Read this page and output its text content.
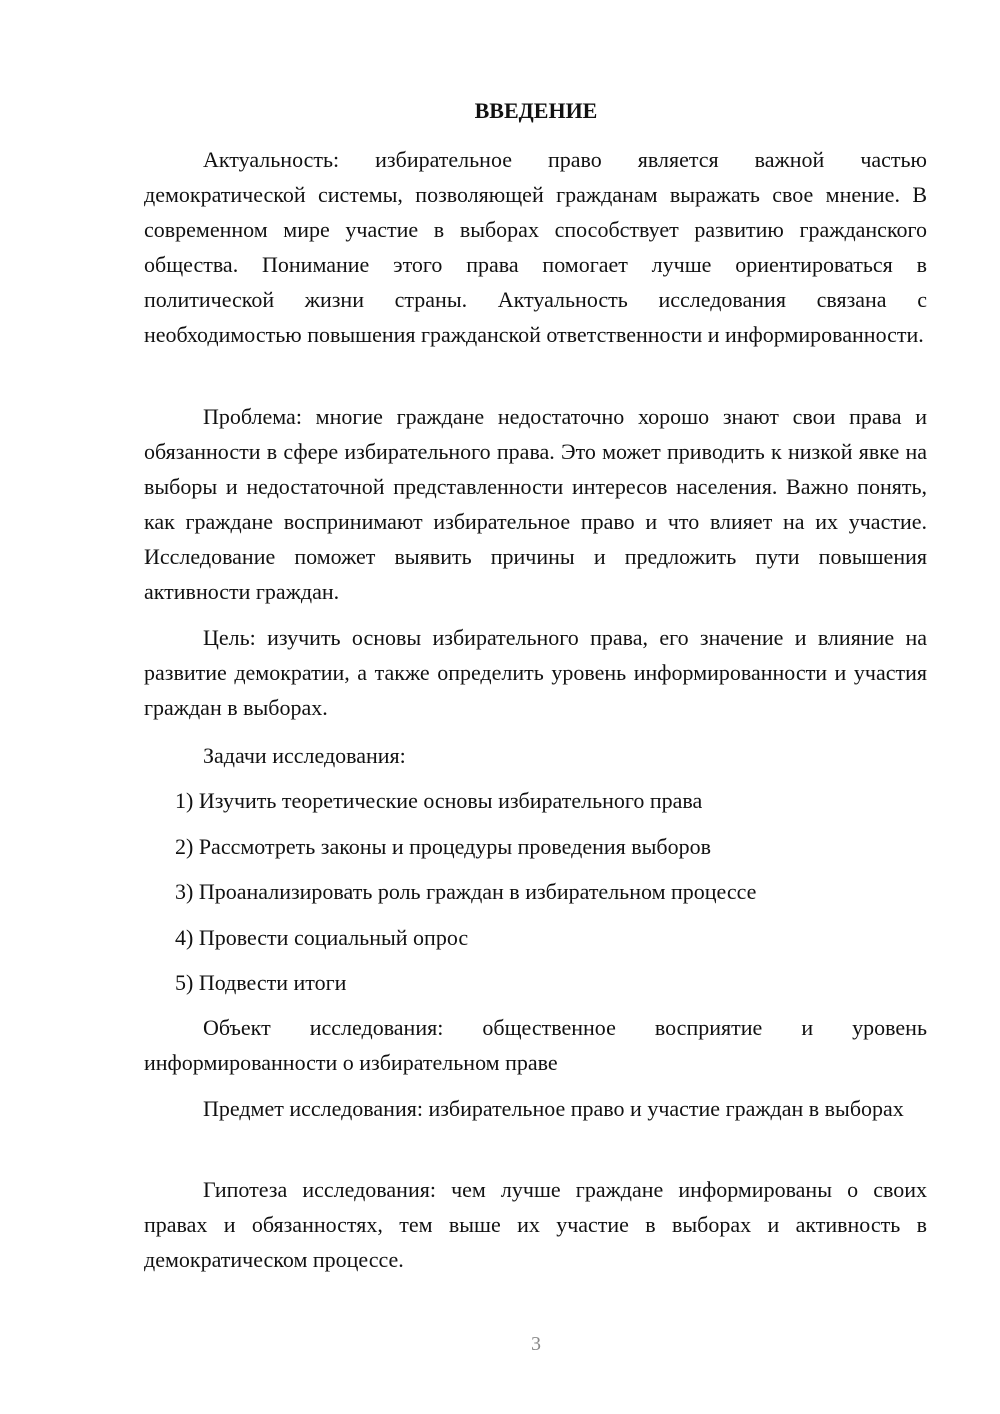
ВВЕДЕНИЕ

Актуальность: избирательное право является важной частью демократической системы, позволяющей гражданам выражать свое мнение. В современном мире участие в выборах способствует развитию гражданского общества. Понимание этого права помогает лучше ориентироваться в политической жизни страны. Актуальность исследования связана с необходимостью повышения гражданской ответственности и информированности.

Проблема: многие граждане недостаточно хорошо знают свои права и обязанности в сфере избирательного права. Это может приводить к низкой явке на выборы и недостаточной представленности интересов населения. Важно понять, как граждане воспринимают избирательное право и что влияет на их участие. Исследование поможет выявить причины и предложить пути повышения активности граждан.

Цель: изучить основы избирательного права, его значение и влияние на развитие демократии, а также определить уровень информированности и участия граждан в выборах.

Задачи исследования:

1) Изучить теоретические основы избирательного права
2) Рассмотреть законы и процедуры проведения выборов
3) Проанализировать роль граждан в избирательном процессе
4) Провести социальный опрос
5) Подвести итоги

Объект исследования: общественное восприятие и уровень информированности о избирательном праве

Предмет исследования: избирательное право и участие граждан в выборах

Гипотеза исследования: чем лучше граждане информированы о своих правах и обязанностях, тем выше их участие в выборах и активность в демократическом процессе.

3
